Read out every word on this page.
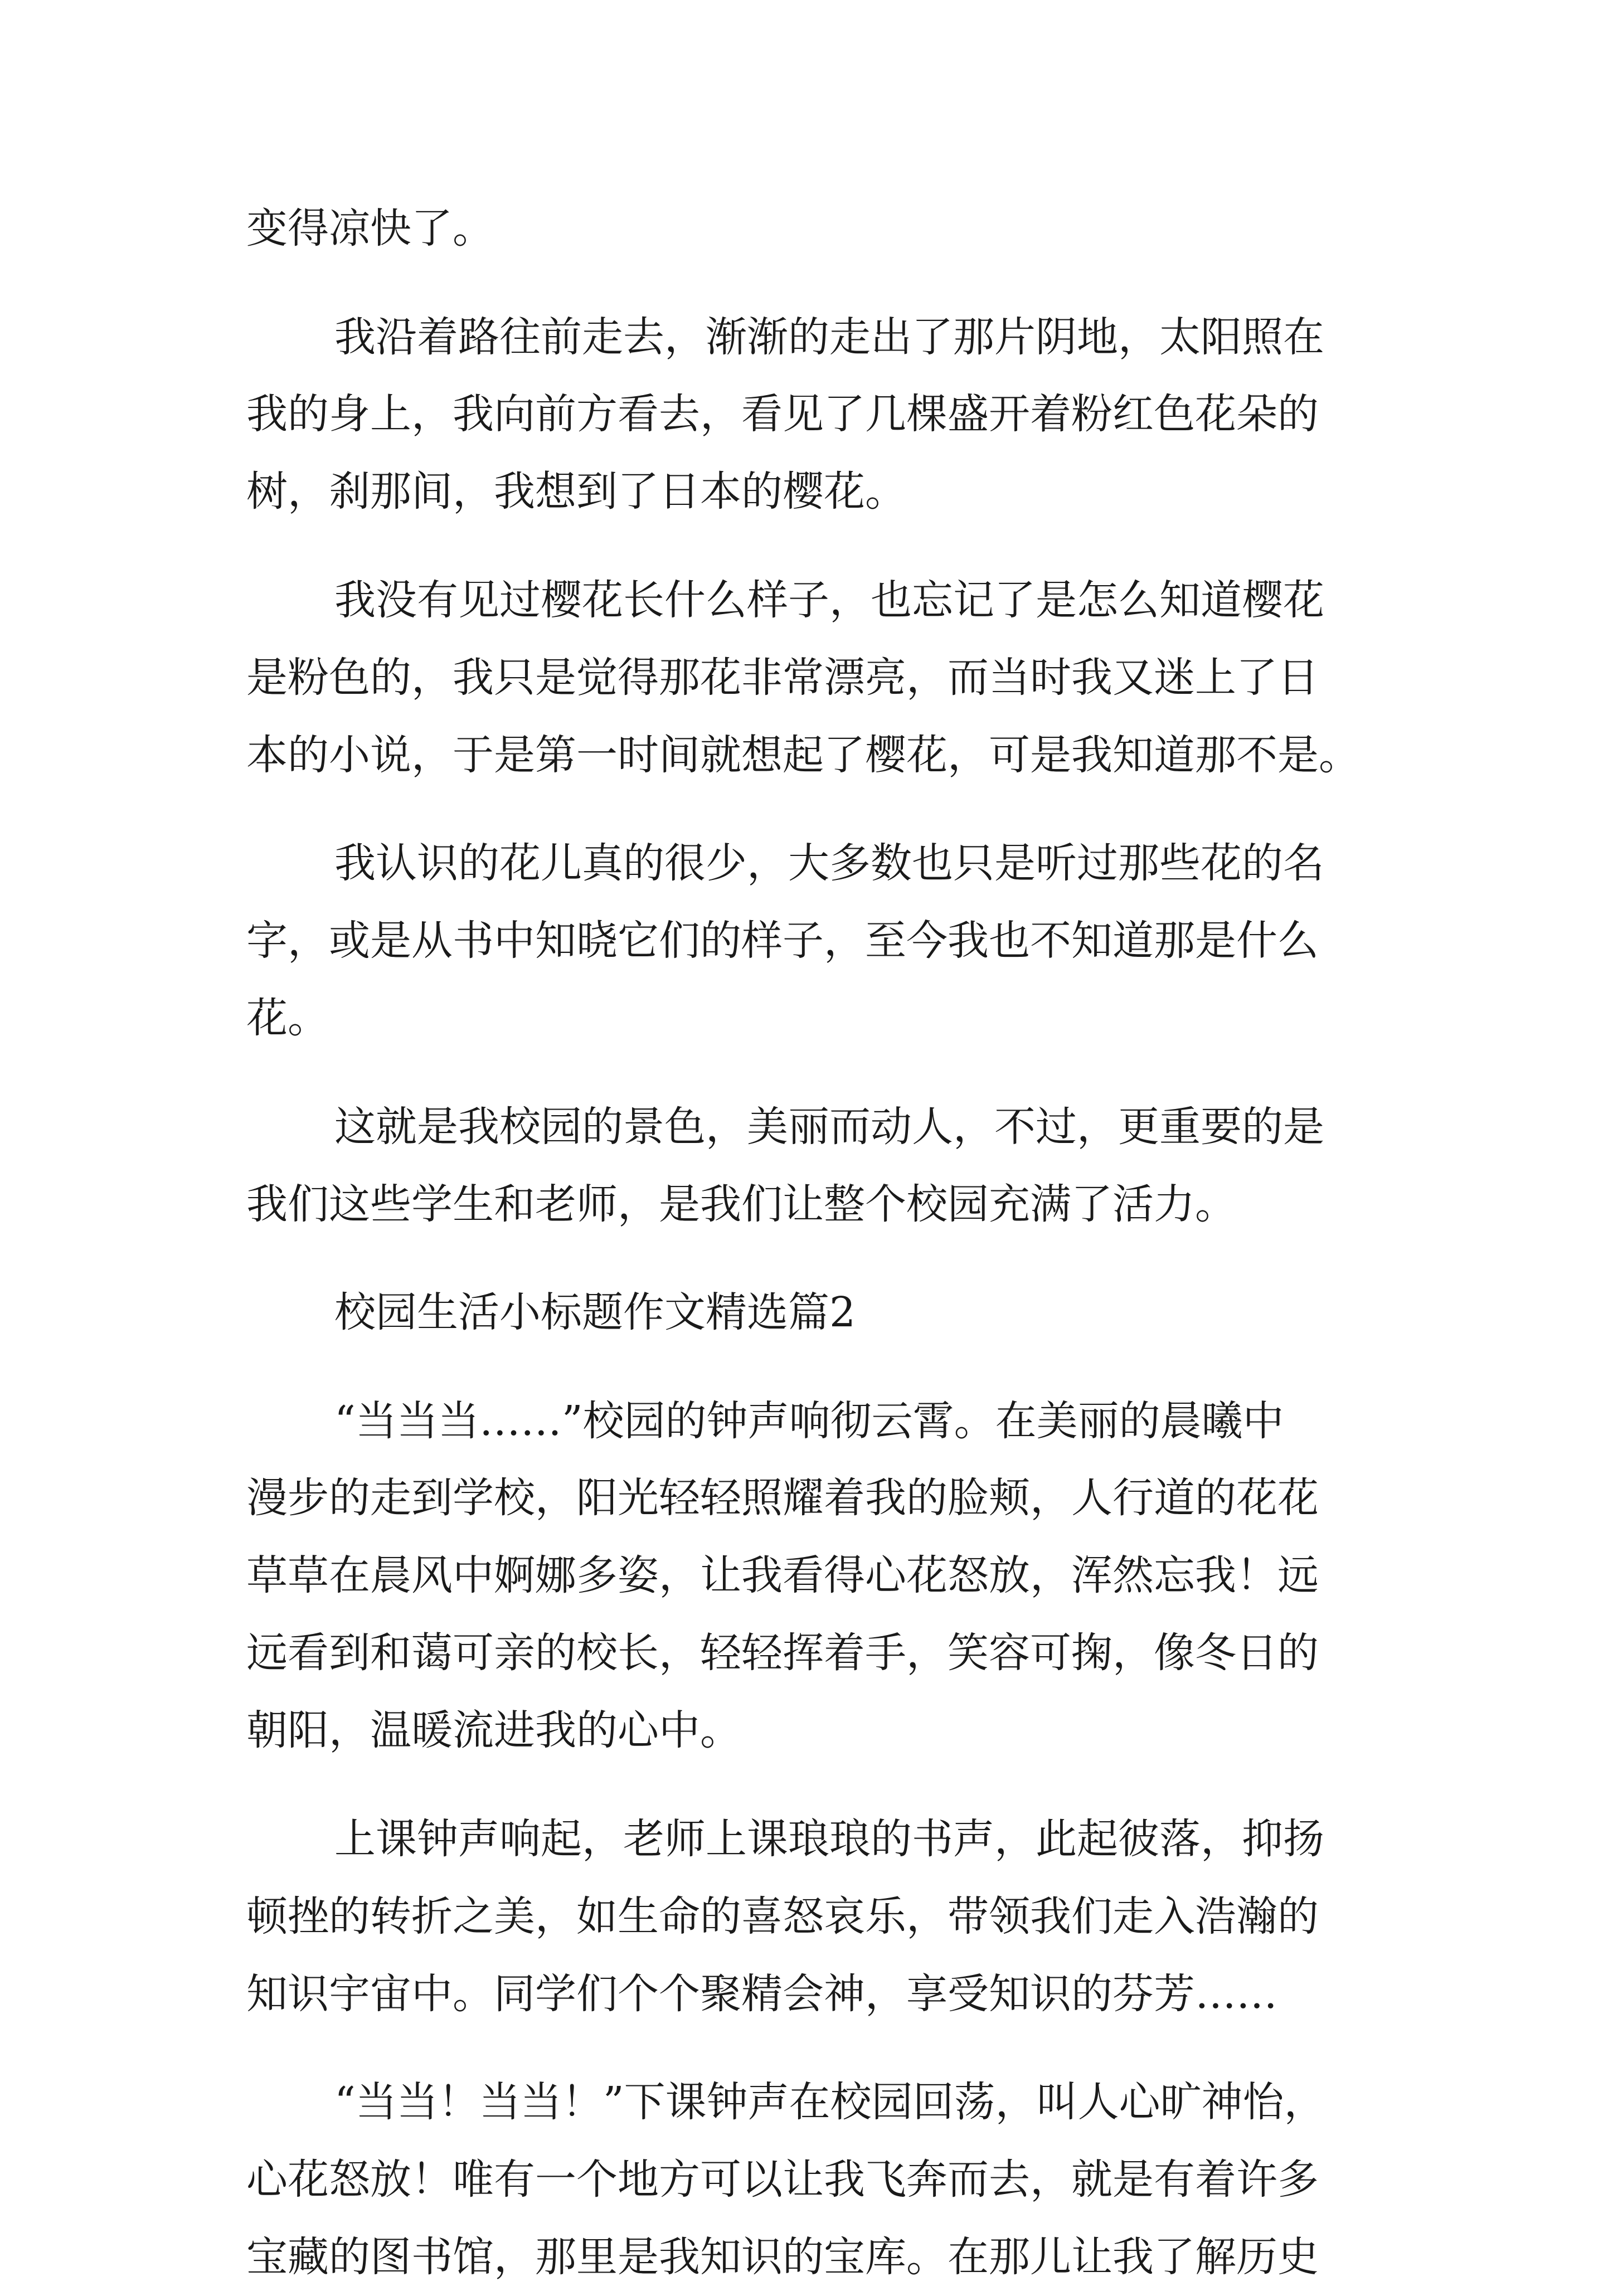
变得凉快了。
我沿着路往前走去，渐渐的走出了那片阴地，太阳照在
我的身上，我向前方看去，看见了几棵盛开着粉红色花朵的
树，刹那间，我想到了日本的樱花。
我没有见过樱花长什么样子，也忘记了是怎么知道樱花
是粉色的，我只是觉得那花非常漂亮，而当时我又迷上了日
本的小说，于是第一时间就想起了樱花，可是我知道那不是。
我认识的花儿真的很少，大多数也只是听过那些花的名
字，或是从书中知晓它们的样子，至今我也不知道那是什么
花。
这就是我校园的景色，美丽而动人，不过，更重要的是
我们这些学生和老师，是我们让整个校园充满了活力。
校园生活小标题作文精选篇2
“当当当……”校园的钟声响彻云霄。在美丽的晨曦中
漫步的走到学校，阳光轻轻照耀着我的脸颊，人行道的花花
草草在晨风中婀娜多姿，让我看得心花怒放，浑然忘我！远
远看到和蔼可亲的校长，轻轻挥着手，笑容可掬，像冬日的
朝阳，温暖流进我的心中。
上课钟声响起，老师上课琅琅的书声，此起彼落，抑扬
顿挫的转折之美，如生命的喜怒哀乐，带领我们走入浩瀚的
知识宇宙中。同学们个个聚精会神，享受知识的芬芳……
“当当！当当！”下课钟声在校园回荡，叫人心旷神怡，
心花怒放！唯有一个地方可以让我飞奔而去，就是有着许多
宝藏的图书馆，那里是我知识的宝库。在那儿让我了解历史
